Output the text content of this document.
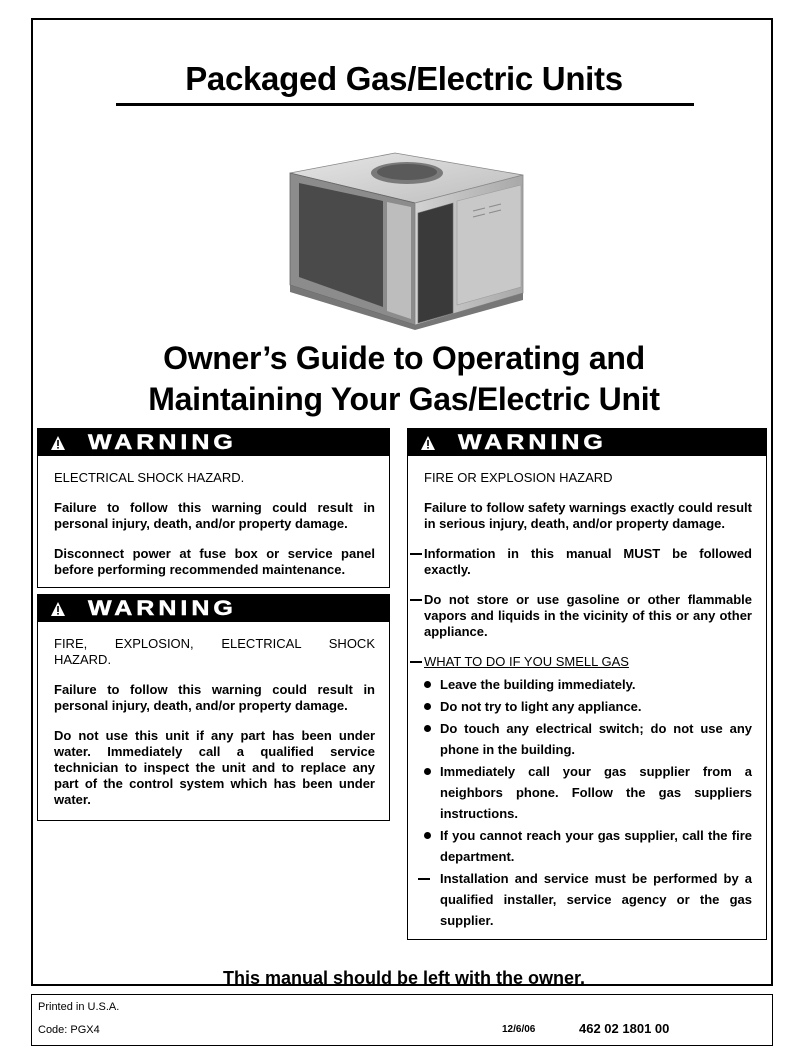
Packaged Gas/Electric Units
Owner’s Guide to Operating and
Maintaining Your Gas/Electric Unit
WARNING
ELECTRICAL SHOCK HAZARD.

Failure to follow this warning could result in personal injury, death, and/or property damage.

Disconnect power at fuse box or service panel before performing recommended maintenance.

WARNING
FIRE, EXPLOSION, ELECTRICAL SHOCK HAZARD.

Failure to follow this warning could result in personal injury, death, and/or property damage.

Do not use this unit if any part has been under water. Immediately call a qualified service technician to inspect the unit and to replace any part of the control system which has been under water.

WARNING
FIRE OR EXPLOSION HAZARD

Failure to follow safety warnings exactly could result in serious injury, death, and/or property damage.

Information in this manual MUST be followed exactly.

Do not store or use gasoline or other flammable vapors and liquids in the vicinity of this or any other appliance.

WHAT TO DO IF YOU SMELL GAS
Leave the building immediately.
Do not try to light any appliance.
Do touch any electrical switch; do not use any phone in the building.
Immediately call your gas supplier from a neighbors phone. Follow the gas suppliers instructions.
If you cannot reach your gas supplier, call the fire department.
Installation and service must be performed by a qualified installer, service agency or the gas supplier.
This manual should be left with the owner.
Printed in U.S.A.
Code: PGX4	12/6/06	462 02 1801 00
